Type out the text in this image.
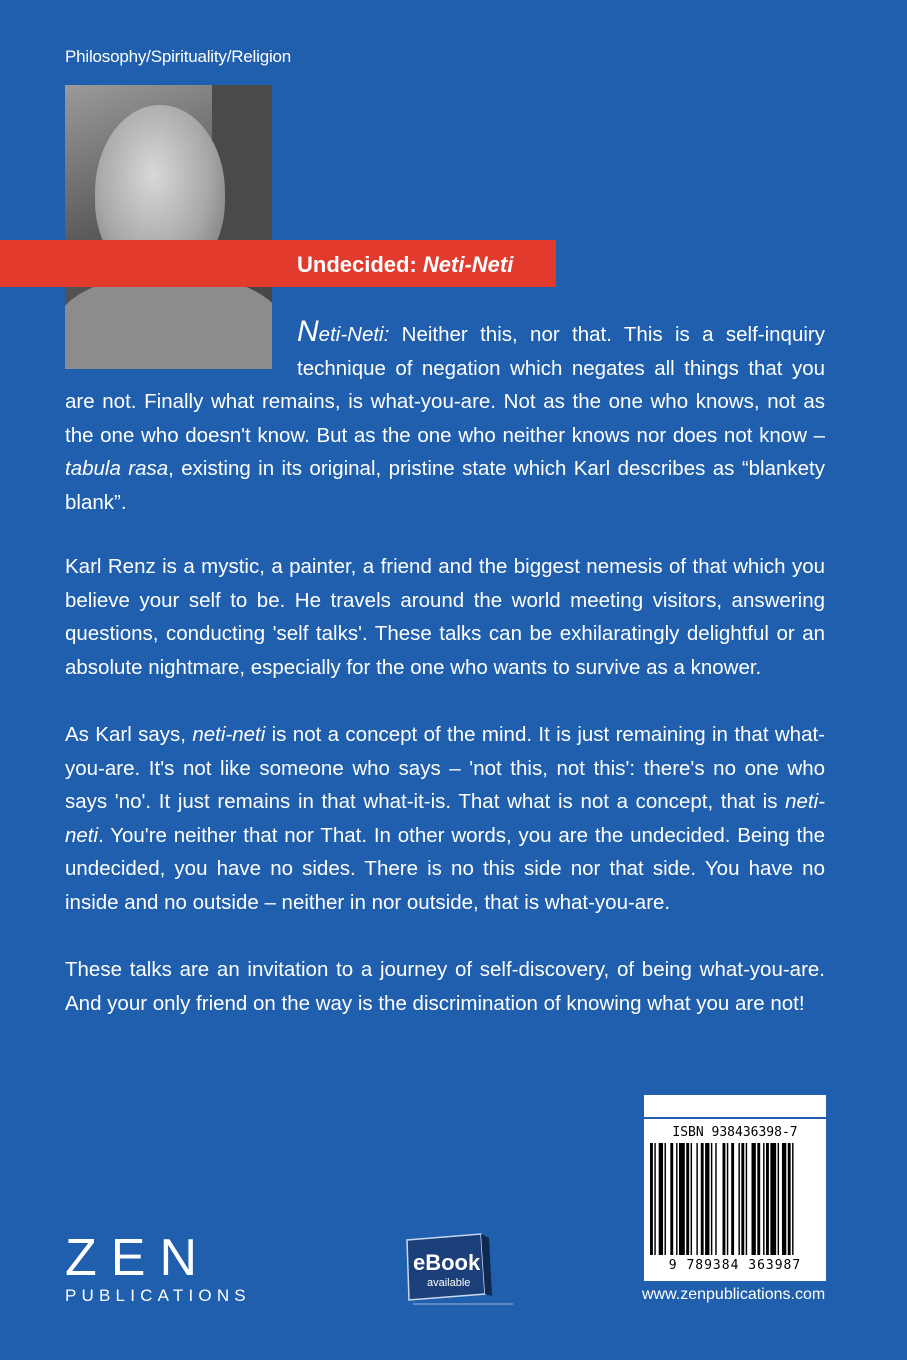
Philosophy/Spirituality/Religion
Undecided: Neti-Neti

Neti-Neti: Neither this, nor that. This is a self-inquiry technique of negation which negates all things that you are not. Finally what remains, is what-you-are. Not as the one who knows, not as the one who doesn't know. But as the one who neither knows nor does not know – tabula rasa, existing in its original, pristine state which Karl describes as “blankety blank”.

Karl Renz is a mystic, a painter, a friend and the biggest nemesis of that which you believe your self to be. He travels around the world meeting visitors, answering questions, conducting 'self talks'. These talks can be exhilaratingly delightful or an absolute nightmare, especially for the one who wants to survive as a knower.

As Karl says, neti-neti is not a concept of the mind. It is just remaining in that what-you-are. It's not like someone who says – 'not this, not this': there's no one who says 'no'. It just remains in that what-it-is. That what is not a concept, that is neti-neti. You're neither that nor That. In other words, you are the undecided. Being the undecided, you have no sides. There is no this side nor that side. You have no inside and no outside – neither in nor outside, that is what-you-are.

These talks are an invitation to a journey of self-discovery, of being what-you-are. And your only friend on the way is the discrimination of knowing what you are not!

ZEN
PUBLICATIONS
eBook
available
ISBN 938436398-7
9 789384 363987
www.zenpublications.com
